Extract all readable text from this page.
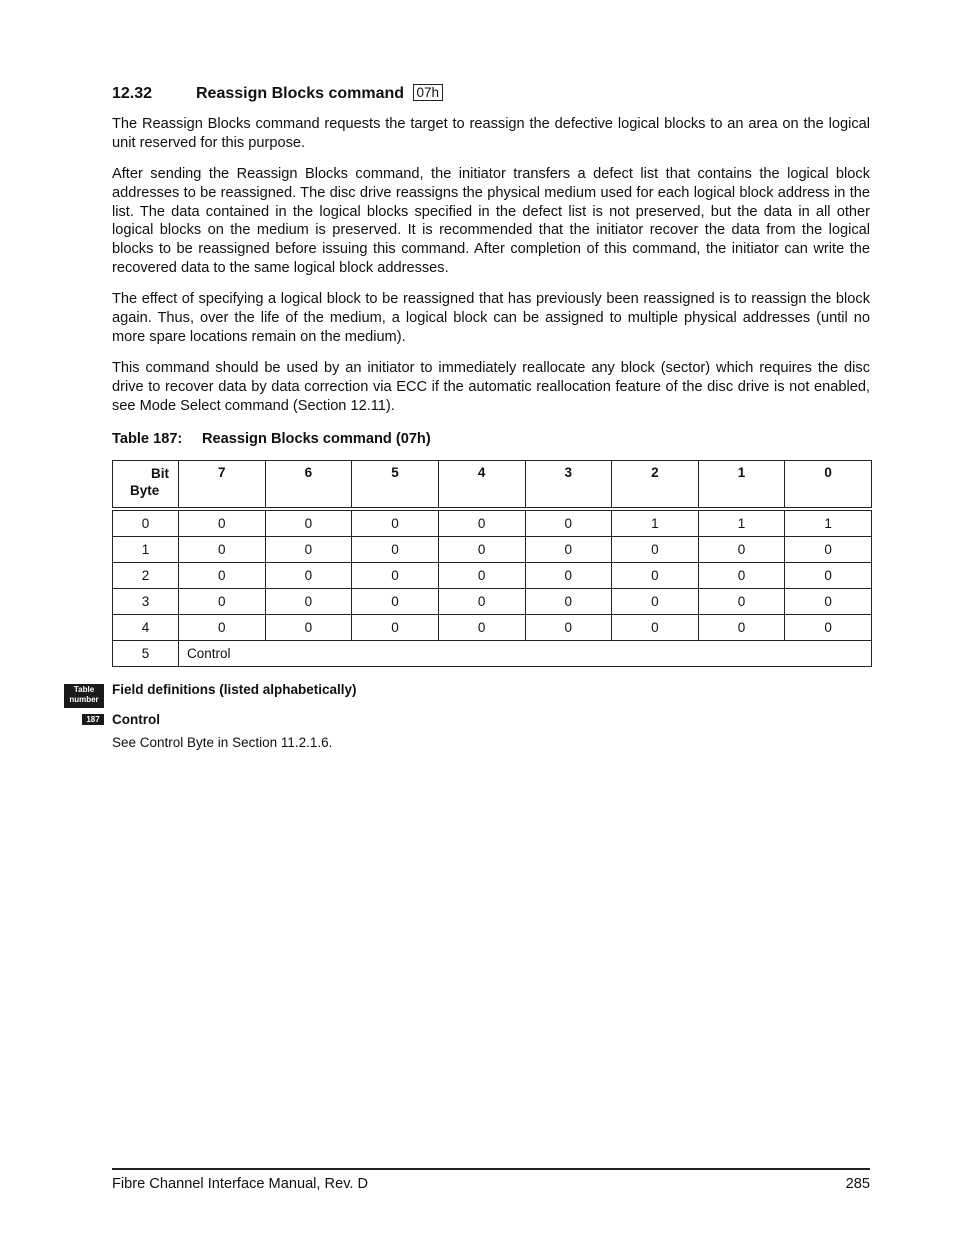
12.32	Reassign Blocks command 07h

The Reassign Blocks command requests the target to reassign the defective logical blocks to an area on the logical unit reserved for this purpose.

After sending the Reassign Blocks command, the initiator transfers a defect list that contains the logical block addresses to be reassigned. The disc drive reassigns the physical medium used for each logical block address in the list. The data contained in the logical blocks specified in the defect list is not preserved, but the data in all other logical blocks on the medium is preserved. It is recommended that the initiator recover the data from the logical blocks to be reassigned before issuing this command. After completion of this command, the initiator can write the recovered data to the same logical block addresses.

The effect of specifying a logical block to be reassigned that has previously been reassigned is to reassign the block again. Thus, over the life of the medium, a logical block can be assigned to multiple physical addresses (until no more spare locations remain on the medium).

This command should be used by an initiator to immediately reallocate any block (sector) which requires the disc drive to recover data by data correction via ECC if the automatic reallocation feature of the disc drive is not enabled, see Mode Select command (Section 12.11).

Table 187: Reassign Blocks command (07h)
Bit
Byte	7	6	5	4	3	2	1	0

0	0	0	0	0	0	1	1	1
1	0	0	0	0	0	0	0	0
2	0	0	0	0	0	0	0	0
3	0	0	0	0	0	0	0	0
4	0	0	0	0	0	0	0	0
5	Control							
Table
number
Field definitions (listed alphabetically)
187 Control
See Control Byte in Section 11.2.1.6.
Fibre Channel Interface Manual, Rev. D	285
